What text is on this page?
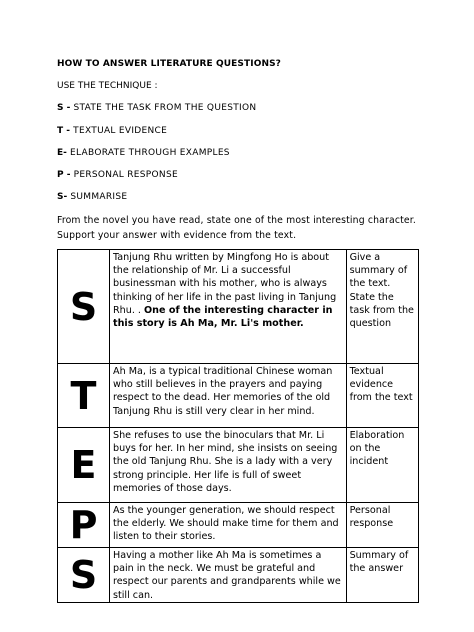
HOW TO ANSWER LITERATURE QUESTIONS?
USE THE TECHNIQUE :
S - STATE THE TASK FROM THE QUESTION
T - TEXTUAL EVIDENCE
E- ELABORATE THROUGH EXAMPLES
P - PERSONAL RESPONSE
S- SUMMARISE
From the novel you have read, state one of the most interesting character. Support your answer with evidence from the text.
S	Tanjung Rhu written by Mingfong Ho is about the relationship of Mr. Li a successful businessman with his mother, who is always thinking of her life in the past living in Tanjung Rhu. . One of the interesting character in this story is Ah Ma, Mr. Li's mother.	Give a summary of the text. State the task from the question
T	Ah Ma, is a typical traditional Chinese woman who still believes in the prayers and paying respect to the dead. Her memories of the old Tanjung Rhu is still very clear in her mind.	Textual evidence from the text
E	She refuses to use the binoculars that Mr. Li buys for her. In her mind, she insists on seeing the old Tanjung Rhu. She is a lady with a very strong principle. Her life is full of sweet memories of those days.	Elaboration on the incident
P	As the younger generation, we should respect the elderly. We should make time for them and listen to their stories.	Personal response
S	Having a mother like Ah Ma is sometimes a pain in the neck. We must be grateful and respect our parents and grandparents while we still can.	Summary of the answer
